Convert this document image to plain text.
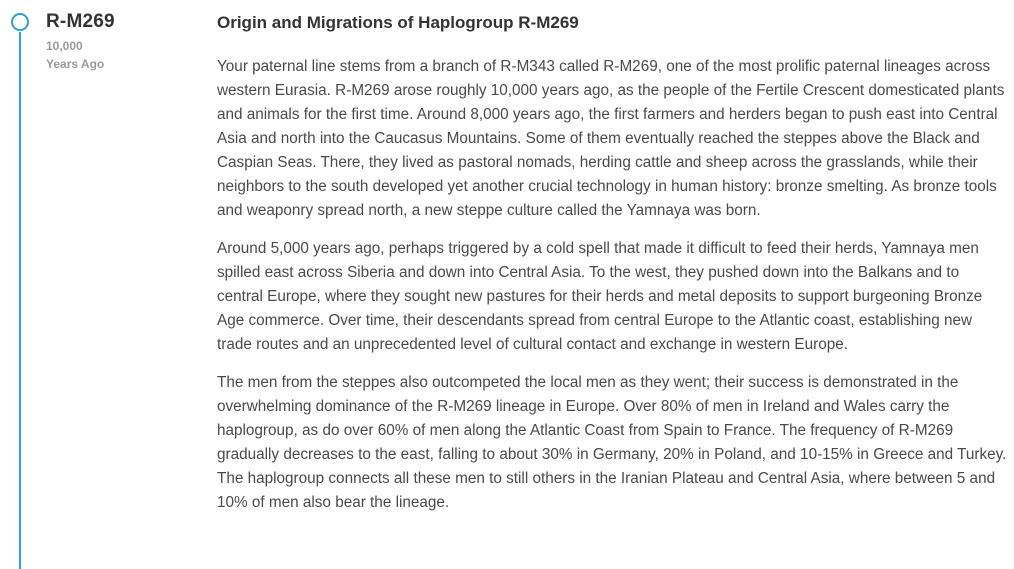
R-M269
10,000
Years Ago
Origin and Migrations of Haplogroup R-M269

Your paternal line stems from a branch of R-M343 called R-M269, one of the most prolific paternal lineages across western Eurasia. R-M269 arose roughly 10,000 years ago, as the people of the Fertile Crescent domesticated plants and animals for the first time. Around 8,000 years ago, the first farmers and herders began to push east into Central Asia and north into the Caucasus Mountains. Some of them eventually reached the steppes above the Black and Caspian Seas. There, they lived as pastoral nomads, herding cattle and sheep across the grasslands, while their neighbors to the south developed yet another crucial technology in human history: bronze smelting. As bronze tools and weaponry spread north, a new steppe culture called the Yamnaya was born.

Around 5,000 years ago, perhaps triggered by a cold spell that made it difficult to feed their herds, Yamnaya men spilled east across Siberia and down into Central Asia. To the west, they pushed down into the Balkans and to central Europe, where they sought new pastures for their herds and metal deposits to support burgeoning Bronze Age commerce. Over time, their descendants spread from central Europe to the Atlantic coast, establishing new trade routes and an unprecedented level of cultural contact and exchange in western Europe.

The men from the steppes also outcompeted the local men as they went; their success is demonstrated in the overwhelming dominance of the R-M269 lineage in Europe. Over 80% of men in Ireland and Wales carry the haplogroup, as do over 60% of men along the Atlantic Coast from Spain to France. The frequency of R-M269 gradually decreases to the east, falling to about 30% in Germany, 20% in Poland, and 10-15% in Greece and Turkey. The haplogroup connects all these men to still others in the Iranian Plateau and Central Asia, where between 5 and 10% of men also bear the lineage.
